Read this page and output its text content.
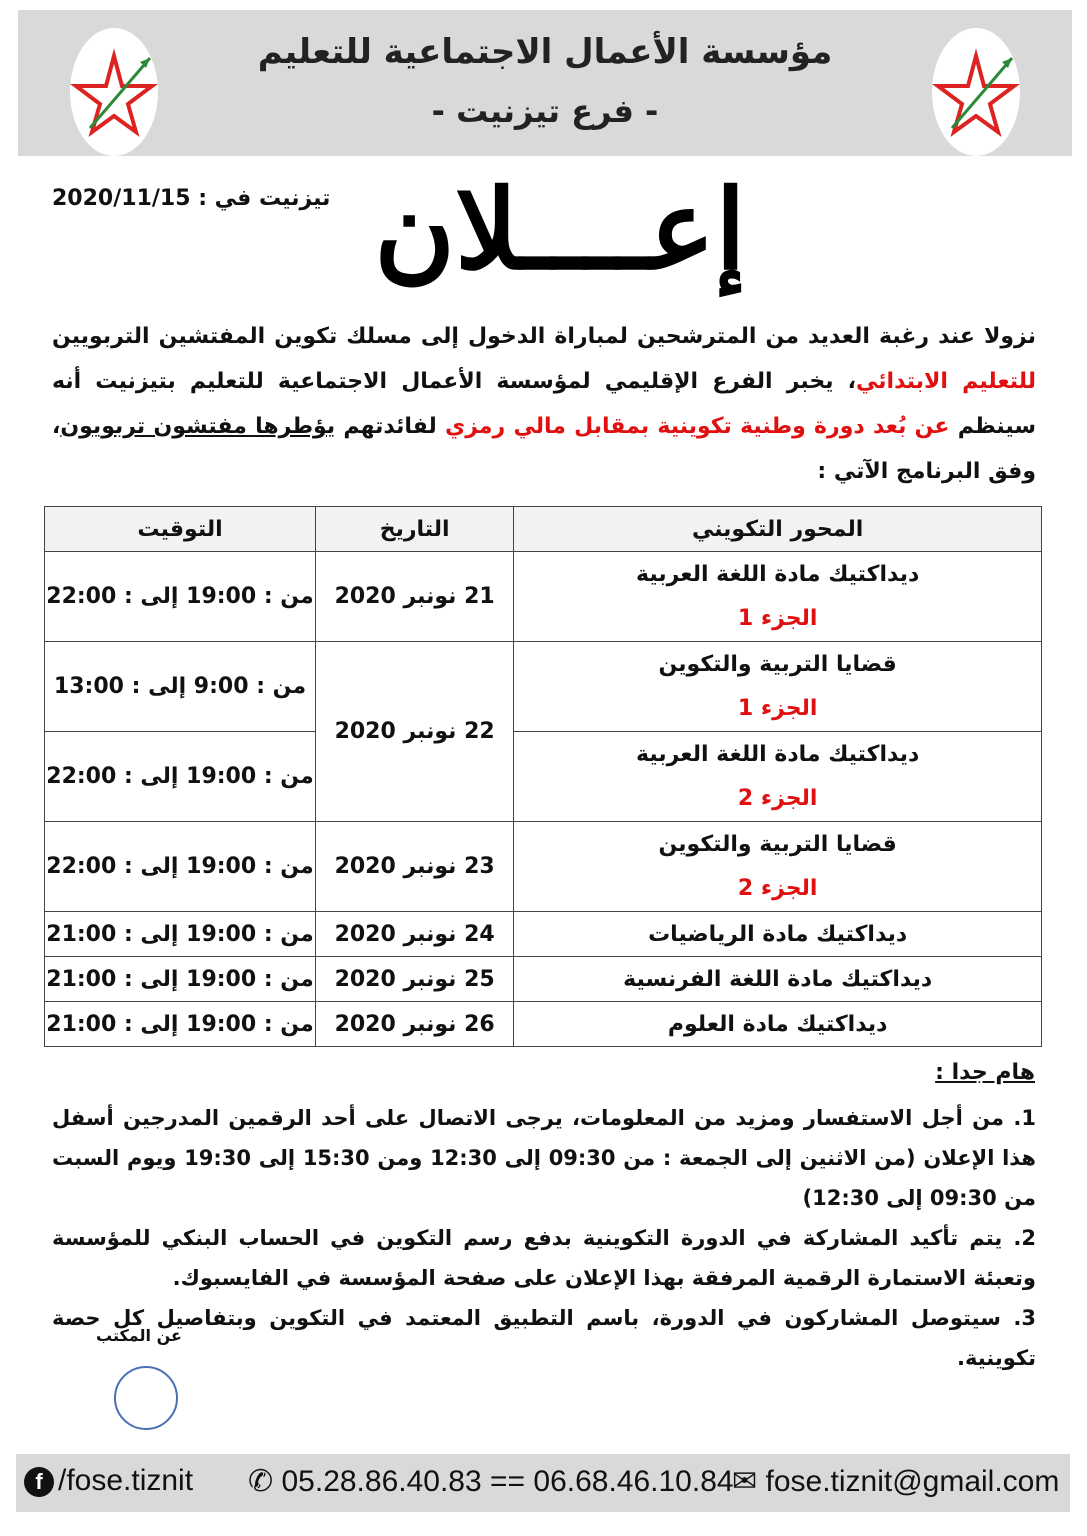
مؤسسة الأعمال الاجتماعية للتعليم
- فرع تيزنيت -
تيزنيت في : 2020/11/15 إعــــلان
نزولا عند رغبة العديد من المترشحين لمباراة الدخول إلى مسلك تكوين المفتشين التربويين للتعليم الابتدائي، يخبر الفرع الإقليمي لمؤسسة الأعمال الاجتماعية للتعليم بتيزنيت أنه سينظم عن بُعد دورة وطنية تكوينية بمقابل مالي رمزي لفائدتهم يؤطرها مفتشون تربويون، وفق البرنامج الآتي :
المحور التكويني	التاريخ	التوقيت

ديداكتيك مادة اللغة العربية
الجزء 1	21 نونبر 2020	من : 19:00 إلى : 22:00

قضايا التربية والتكوين
الجزء 1	22 نونبر 2020	من : 9:00 إلى : 13:00

ديداكتيك مادة اللغة العربية
الجزء 2		من : 19:00 إلى : 22:00

قضايا التربية والتكوين
الجزء 2	23 نونبر 2020	من : 19:00 إلى : 22:00
ديداكتيك مادة الرياضيات	24 نونبر 2020	من : 19:00 إلى : 21:00
ديداكتيك مادة اللغة الفرنسية	25 نونبر 2020	من : 19:00 إلى : 21:00
ديداكتيك مادة العلوم	26 نونبر 2020	من : 19:00 إلى : 21:00
هام جدا :

1. من أجل الاستفسار ومزيد من المعلومات، يرجى الاتصال على أحد الرقمين المدرجين أسفل هذا الإعلان (من الاثنين إلى الجمعة : من 09:30 إلى 12:30 ومن 15:30 إلى 19:30 ويوم السبت من 09:30 إلى 12:30)

2. يتم تأكيد المشاركة في الدورة التكوينية بدفع رسم التكوين في الحساب البنكي للمؤسسة وتعبئة الاستمارة الرقمية المرفقة بهذا الإعلان على صفحة المؤسسة في الفايسبوك.

3. سيتوصل المشاركون في الدورة، باسم التطبيق المعتمد في التكوين وبتفاصيل كل حصة تكوينية.

عن المكتب
f /fose.tiznit ✆ 05.28.86.40.83 == 06.68.46.10.84
✉ fose.tiznit@gmail.com
